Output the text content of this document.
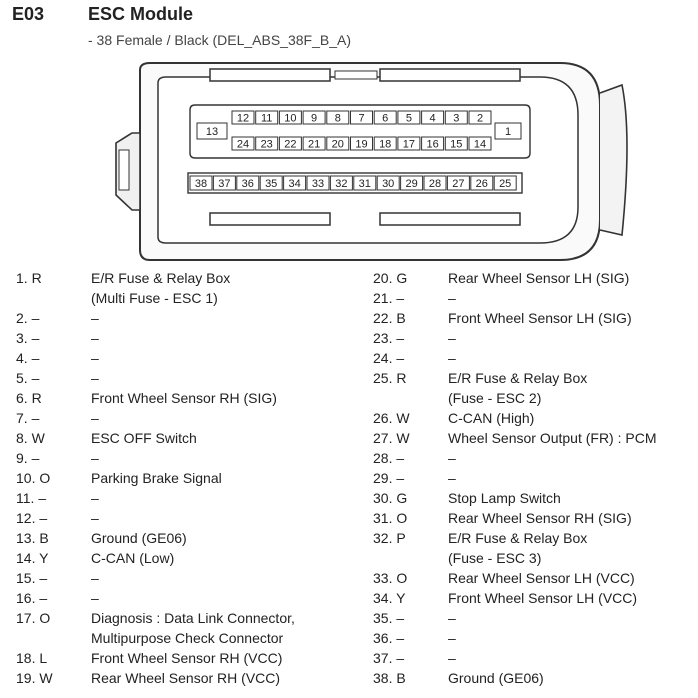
E03 ESC Module
- 38 Female / Black (DEL_ABS_38F_B_A)
12 11 10 9 8 7 6 5 4 3 2
24 23 22 21 20 19 18 17 16 15 14
38 37 36 35 34 33 32 31 30 29 28 27 26 25
13	1
1. R	E/R Fuse & Relay Box
(Multi Fuse - ESC 1)
2. –	–
3. –	–
4. –	–
5. –	–
6. R	Front Wheel Sensor RH (SIG)
7. –	–
8. W	ESC OFF Switch
9. –	–
10. O	Parking Brake Signal
11. –	–
12. –	–
13. B	Ground (GE06)
14. Y	C-CAN (Low)
15. –	–
16. –	–
17. O	Diagnosis : Data Link Connector,
Multipurpose Check Connector
18. L	Front Wheel Sensor RH (VCC)
19. W	Rear Wheel Sensor RH (VCC)
20. G	Rear Wheel Sensor LH (SIG)
21. –	–
22. B	Front Wheel Sensor LH (SIG)
23. –	–
24. –	–
25. R	E/R Fuse & Relay Box
(Fuse - ESC 2)
26. W	C-CAN (High)
27. W	Wheel Sensor Output (FR) : PCM
28. –	–
29. –	–
30. G	Stop Lamp Switch
31. O	Rear Wheel Sensor RH (SIG)
32. P	E/R Fuse & Relay Box
(Fuse - ESC 3)
33. O	Rear Wheel Sensor LH (VCC)
34. Y	Front Wheel Sensor LH (VCC)
35. –	–
36. –	–
37. –	–
38. B	Ground (GE06)
